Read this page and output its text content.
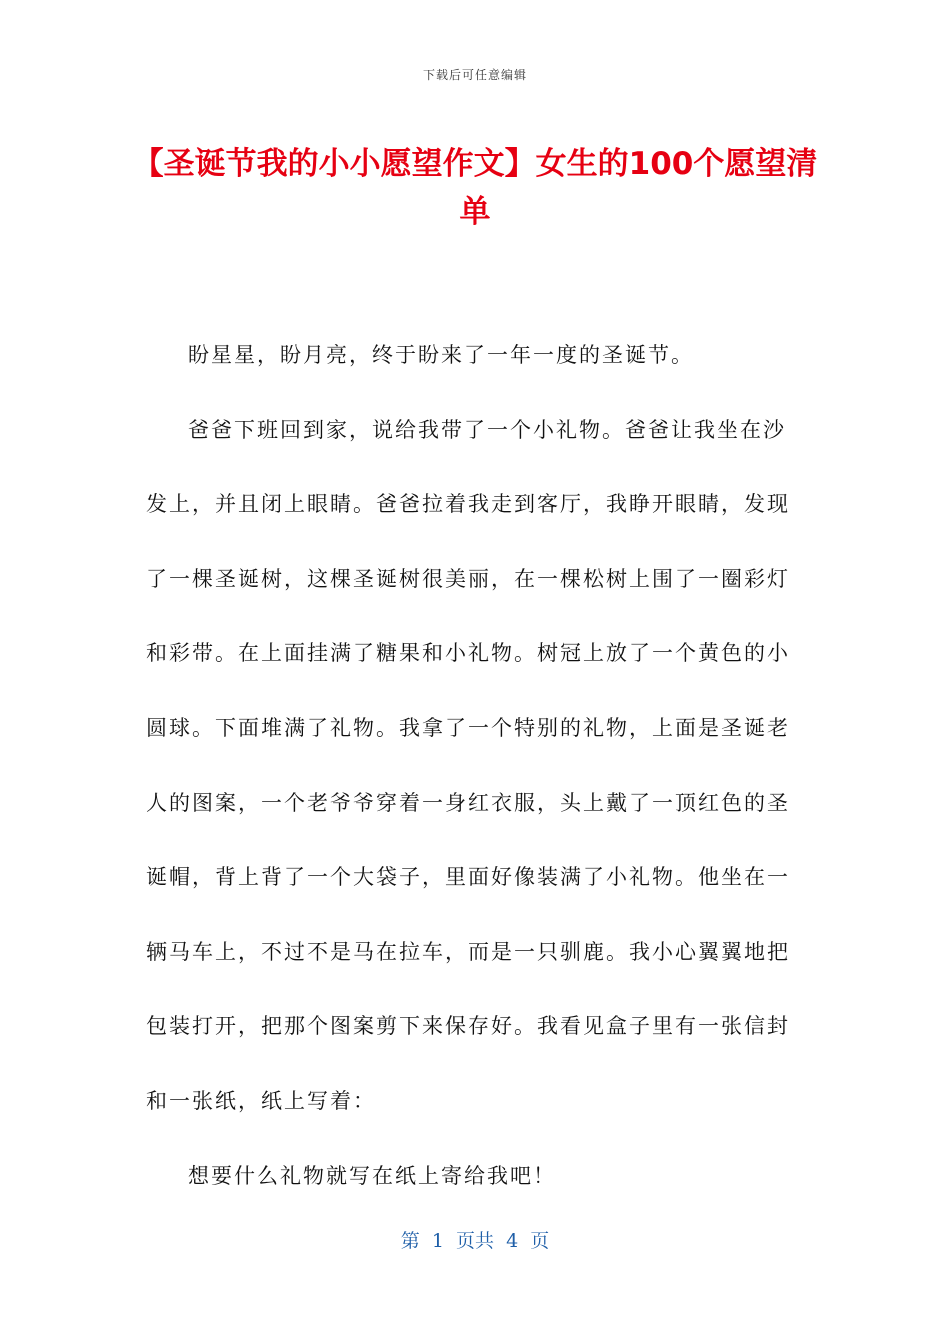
下载后可任意编辑
【圣诞节我的小小愿望作文】女生的100个愿望清单

盼星星，盼月亮，终于盼来了一年一度的圣诞节。

爸爸下班回到家，说给我带了一个小礼物。爸爸让我坐在沙发上，并且闭上眼睛。爸爸拉着我走到客厅，我睁开眼睛，发现了一棵圣诞树，这棵圣诞树很美丽，在一棵松树上围了一圈彩灯和彩带。在上面挂满了糖果和小礼物。树冠上放了一个黄色的小圆球。下面堆满了礼物。我拿了一个特别的礼物，上面是圣诞老人的图案，一个老爷爷穿着一身红衣服，头上戴了一顶红色的圣诞帽，背上背了一个大袋子，里面好像装满了小礼物。他坐在一辆马车上，不过不是马在拉车，而是一只驯鹿。我小心翼翼地把包装打开，把那个图案剪下来保存好。我看见盒子里有一张信封和一张纸，纸上写着：

想要什么礼物就写在纸上寄给我吧！

第  1  页共  4  页
